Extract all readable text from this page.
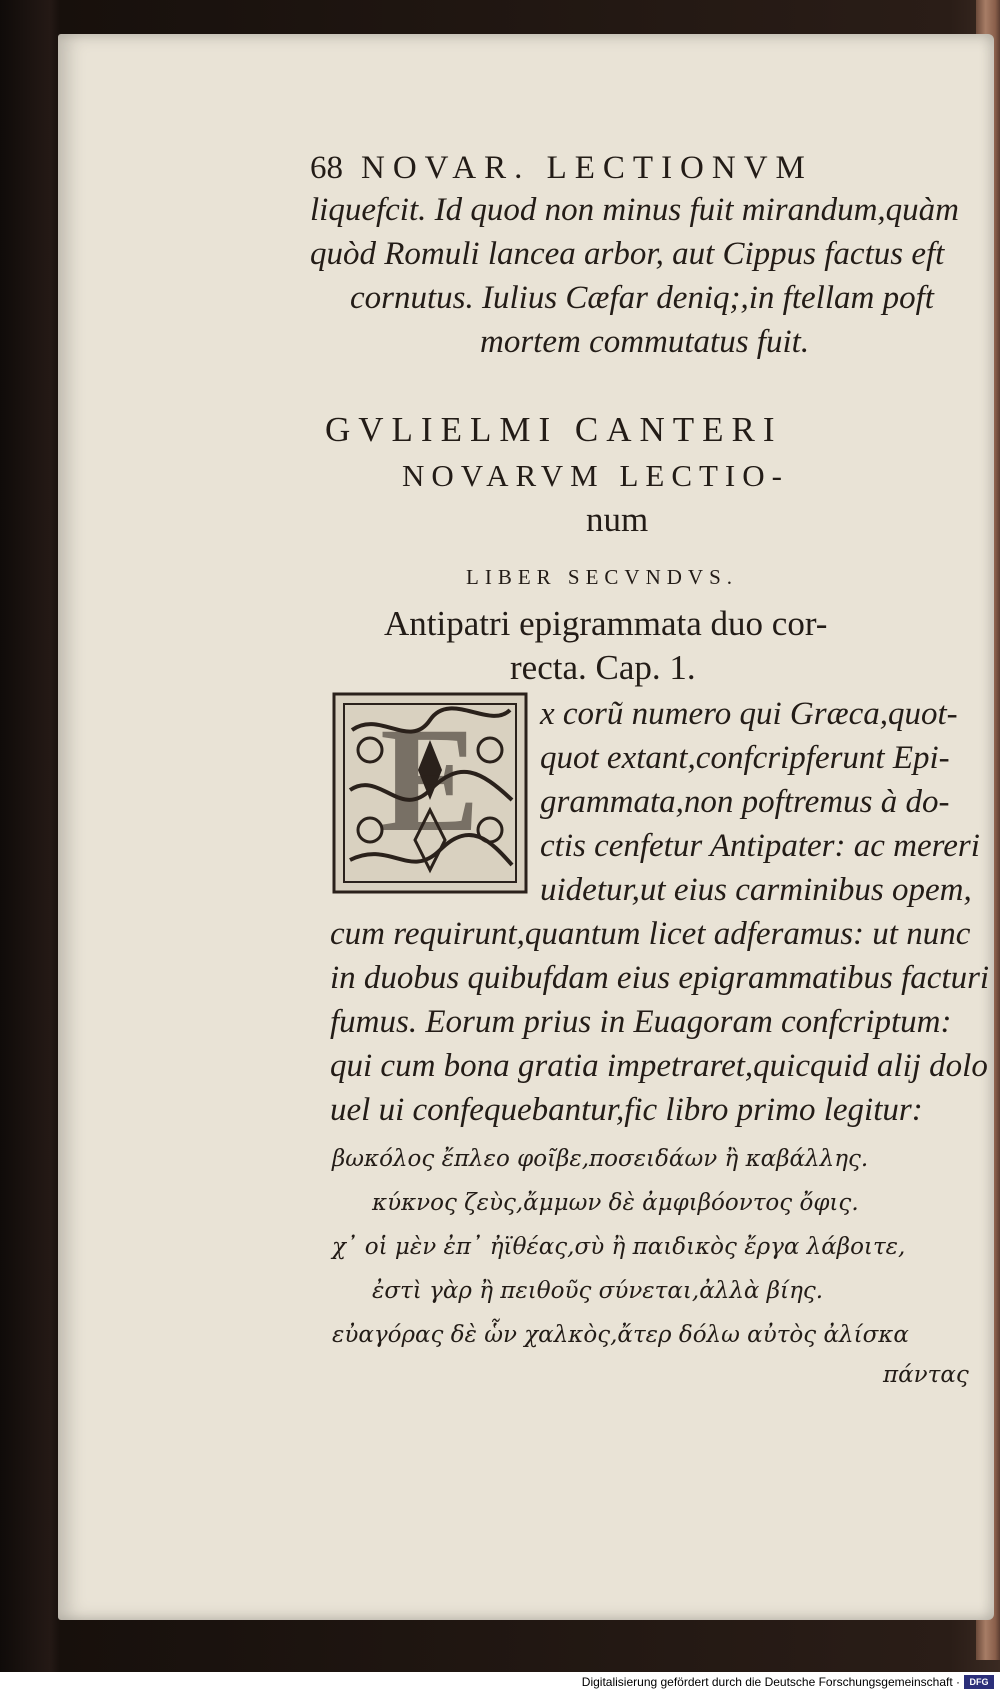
68 NOVAR. LECTIONVM
liquefcit. Id quod non minus fuit mirandum,quàm
quòd Romuli lancea arbor, aut Cippus factus eft
cornutus. Iulius Cæfar deniq;,in ftellam poft
mortem commutatus fuit.
GVLIELMI CANTERI
NOVARVM LECTIO-
num
LIBER SECVNDVS.
Antipatri epigrammata duo cor-
recta. Cap. 1.
E x corũ numero qui Græca,quot-
quot extant,confcripferunt Epi-
grammata,non poftremus à do-
ctis cenfetur Antipater: ac mereri
uidetur,ut eius carminibus opem,
cum requirunt,quantum licet adferamus: ut nunc
in duobus quibufdam eius epigrammatibus facturi
fumus. Eorum prius in Euagoram confcriptum:
qui cum bona gratia impetraret,quicquid alij dolo
uel ui confequebantur,fic libro primo legitur:
βωκόλος ἔπλεο φοῖβε,ποσειδάων ἢ καβάλλης.
κύκνος ζεὺς,ἄμμων δὲ ἀμφιβόοντος ὄφις.
χ᾽ οἱ μὲν ἐπ᾽ ἠϊθέας,σὺ ἢ παιδικὸς ἔργα λάβοιτε,
ἐστὶ γὰρ ἢ πειθοῦς σύνεται,ἀλλὰ βίης.
εὐαγόρας δὲ ὧν χαλκὸς,ἄτερ δόλω αὐτὸς ἀλίσκα
πάντας
Digitalisierung gefördert durch die Deutsche Forschungsgemeinschaft ·	DFG
